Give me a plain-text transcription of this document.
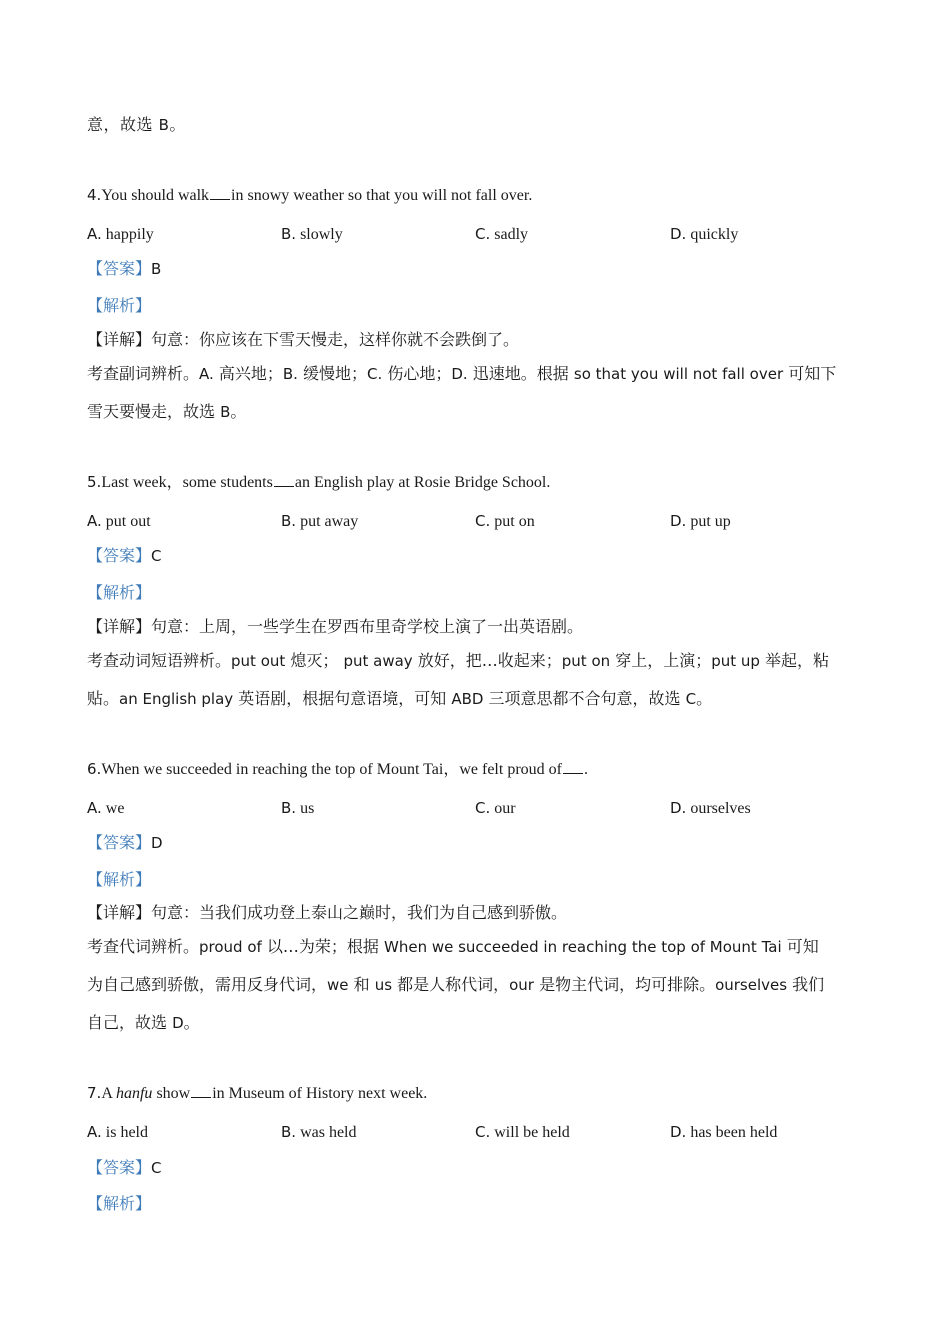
意，故选 B。
4.You should walk in snowy weather so that you will not fall over.
A. happily	B. slowly	C. sadly	D. quickly
【答案】B
【解析】
【详解】句意：你应该在下雪天慢走，这样你就不会跌倒了。
考查副词辨析。A. 高兴地；B. 缓慢地；C. 伤心地；D. 迅速地。根据 so that you will not fall over 可知下
雪天要慢走，故选 B。
5.Last week，some students an English play at Rosie Bridge School.
A. put out	B. put away	C. put on	D. put up
【答案】C
【解析】
【详解】句意：上周，一些学生在罗西布里奇学校上演了一出英语剧。
考查动词短语辨析。put out 熄灭； put away 放好，把…收起来；put on 穿上，上演；put up 举起，粘
贴。an English play 英语剧，根据句意语境，可知 ABD 三项意思都不合句意，故选 C。
6.When we succeeded in reaching the top of Mount Tai，we felt proud of .
A. we	B. us	C. our	D. ourselves
【答案】D
【解析】
【详解】句意：当我们成功登上泰山之巅时，我们为自己感到骄傲。
考查代词辨析。proud of 以…为荣；根据 When we succeeded in reaching the top of Mount Tai 可知
为自己感到骄傲，需用反身代词，we 和 us 都是人称代词，our 是物主代词，均可排除。ourselves 我们
自己，故选 D。
7.A hanfu show in Museum of History next week.
A. is held	B. was held	C. will be held	D. has been held
【答案】C
【解析】
